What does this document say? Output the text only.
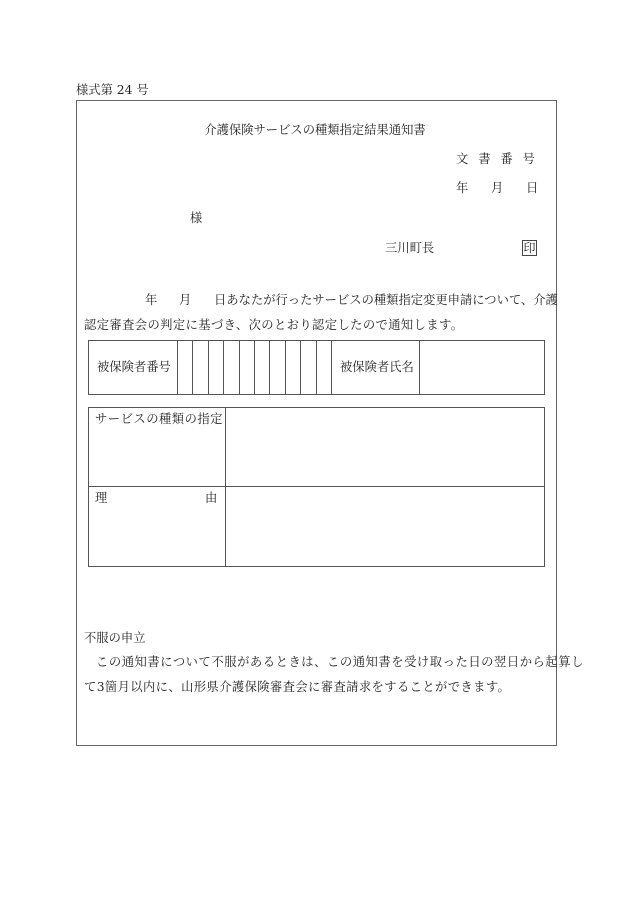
様式第 24 号
介護保険サービスの種類指定結果通知書
文 書 番 号
年 月 日
様
三川町長	印
年 月 日あなたが行ったサービスの種類指定変更申請について、介護
認定審査会の判定に基づき、次のとおり認定したので通知します。
被保険者番号	被保険者氏名
サービスの種類の指定
理	由
不服の申立
この通知書について不服があるときは、この通知書を受け取った日の翌日から起算し
て3箇月以内に、山形県介護保険審査会に審査請求をすることができます。
